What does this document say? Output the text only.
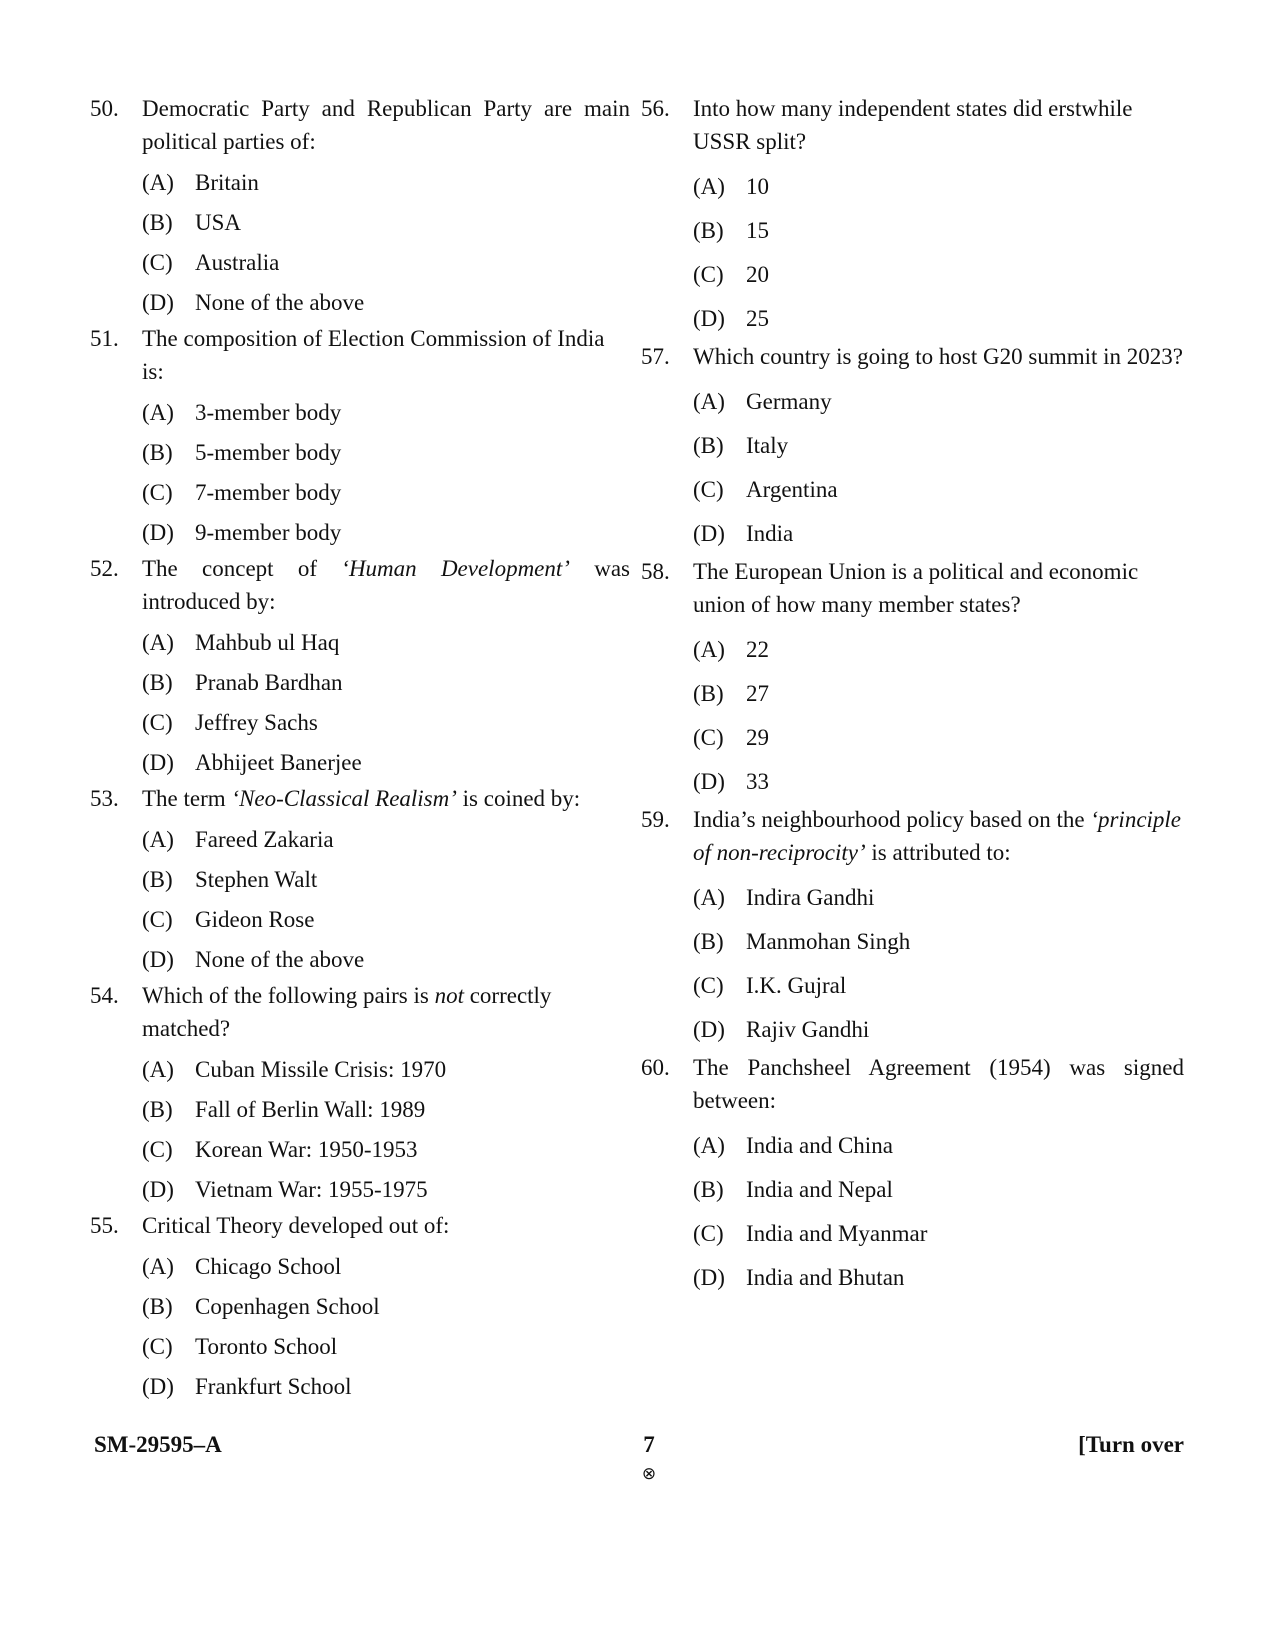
50. Democratic Party and Republican Party are main political parties of:
(A) Britain
(B) USA
(C) Australia
(D) None of the above
51. The composition of Election Commission of India is:
(A) 3-member body
(B) 5-member body
(C) 7-member body
(D) 9-member body
52. The concept of ‘Human Development’ was introduced by:
(A) Mahbub ul Haq
(B) Pranab Bardhan
(C) Jeffrey Sachs
(D) Abhijeet Banerjee
53. The term ‘Neo-Classical Realism’ is coined by:
(A) Fareed Zakaria
(B) Stephen Walt
(C) Gideon Rose
(D) None of the above
54. Which of the following pairs is not correctly matched?
(A) Cuban Missile Crisis: 1970
(B) Fall of Berlin Wall: 1989
(C) Korean War: 1950-1953
(D) Vietnam War: 1955-1975
55. Critical Theory developed out of:
(A) Chicago School
(B) Copenhagen School
(C) Toronto School
(D) Frankfurt School
56. Into how many independent states did erstwhile USSR split?
(A) 10
(B) 15
(C) 20
(D) 25
57. Which country is going to host G20 summit in 2023?
(A) Germany
(B) Italy
(C) Argentina
(D) India
58. The European Union is a political and economic union of how many member states?
(A) 22
(B) 27
(C) 29
(D) 33
59. India’s neighbourhood policy based on the ‘principle of non-reciprocity’ is attributed to:
(A) Indira Gandhi
(B) Manmohan Singh
(C) I.K. Gujral
(D) Rajiv Gandhi
60. The Panchsheel Agreement (1954) was signed between:
(A) India and China
(B) India and Nepal
(C) India and Myanmar
(D) India and Bhutan
SM-29595–A	7	[Turn over
⊗
